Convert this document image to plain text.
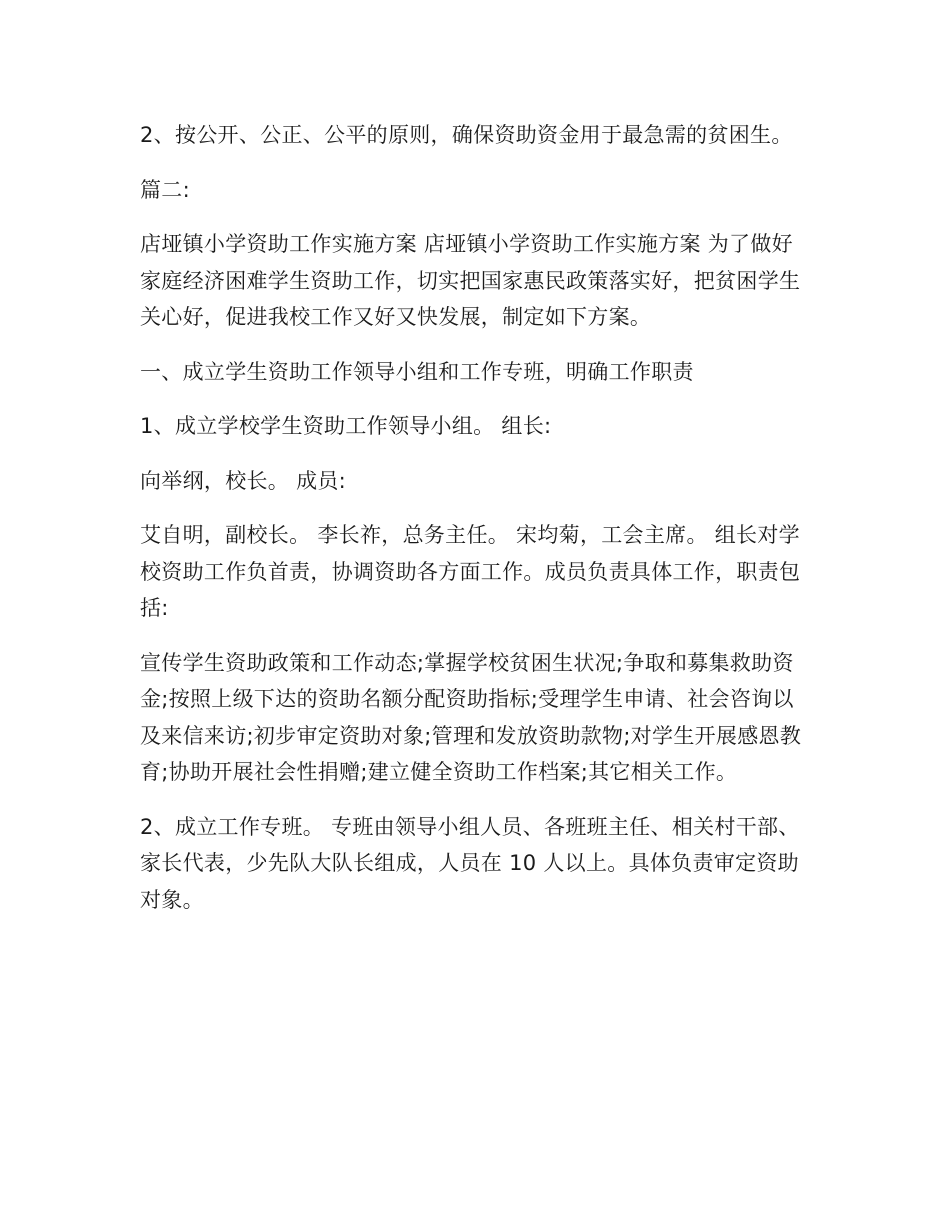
2、按公开、公正、公平的原则，确保资助资金用于最急需的贫困生。

篇二:

店垭镇小学资助工作实施方案 店垭镇小学资助工作实施方案 为了做好家庭经济困难学生资助工作，切实把国家惠民政策落实好，把贫困学生关心好，促进我校工作又好又快发展，制定如下方案。

一、成立学生资助工作领导小组和工作专班，明确工作职责

1、成立学校学生资助工作领导小组。 组长:

向举纲，校长。 成员:

艾自明，副校长。 李长祚，总务主任。 宋均菊，工会主席。 组长对学校资助工作负首责，协调资助各方面工作。成员负责具体工作，职责包括:

宣传学生资助政策和工作动态;掌握学校贫困生状况;争取和募集救助资金;按照上级下达的资助名额分配资助指标;受理学生申请、社会咨询以及来信来访;初步审定资助对象;管理和发放资助款物;对学生开展感恩教育;协助开展社会性捐赠;建立健全资助工作档案;其它相关工作。

2、成立工作专班。 专班由领导小组人员、各班班主任、相关村干部、家长代表，少先队大队长组成，人员在 10 人以上。具体负责审定资助对象。
